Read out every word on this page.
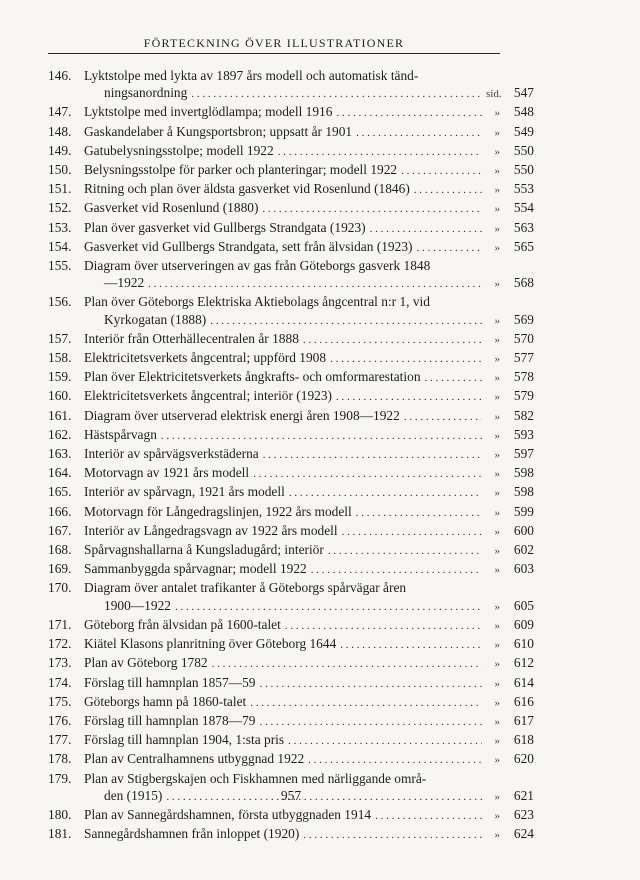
FÖRTECKNING ÖVER ILLUSTRATIONER
146. Lyktstolpe med lykta av 1897 års modell och automatisk tänd-
ningsanordning . . .	sid. 547
147. Lyktstolpe med invertglödlampa; modell 1916 . . .	»	548
148. Gaskandelaber å Kungsportsbron; uppsatt år 1901 . . .	»	549
149. Gatubelysningsstolpe; modell 1922 . . .	»	550
150. Belysningsstolpe för parker och planteringar; modell 1922 . . .	»	550
151. Ritning och plan över äldsta gasverket vid Rosenlund (1846) . . .	»	553
152. Gasverket vid Rosenlund (1880) . . .	»	554
153. Plan över gasverket vid Gullbergs Strandgata (1923) . . .	»	563
154. Gasverket vid Gullbergs Strandgata, sett från älvsidan (1923) . . .	»	565
155. Diagram över utserveringen av gas från Göteborgs gasverk 1848
—1922 . . .	»	568
156. Plan över Göteborgs Elektriska Aktiebolags ångcentral n:r 1, vid
Kyrkogatan (1888) . . .	»	569
157. Interiör från Otterhällecentralen år 1888 . . .	»	570
158. Elektricitetsverkets ångcentral; uppförd 1908 . . .	»	577
159. Plan över Elektricitetsverkets ångkrafts- och omformarestation . . .	»	578
160. Elektricitetsverkets ångcentral; interiör (1923) . . .	»	579
161. Diagram över utserverad elektrisk energi åren 1908—1922 . . .	»	582
162. Hästspårvagn . . .	»	593
163. Interiör av spårvägsverkstäderna . . .	»	597
164. Motorvagn av 1921 års modell . . .	»	598
165. Interiör av spårvagn, 1921 års modell . . .	»	598
166. Motorvagn för Långedragslinjen, 1922 års modell . . .	»	599
167. Interiör av Långedragsvagn av 1922 års modell . . .	»	600
168. Spårvagnshallarna å Kungsladugård; interiör . . .	»	602
169. Sammanbyggda spårvagnar; modell 1922 . . .	»	603
170. Diagram över antalet trafikanter å Göteborgs spårvägar åren
1900—1922 . . .	»	605
171. Göteborg från älvsidan på 1600-talet . . .	»	609
172. Kiätel Klasons planritning över Göteborg 1644 . . .	»	610
173. Plan av Göteborg 1782 . . .	»	612
174. Förslag till hamnplan 1857—59 . . .	»	614
175. Göteborgs hamn på 1860-talet . . .	»	616
176. Förslag till hamnplan 1878—79 . . .	»	617
177. Förslag till hamnplan 1904, 1:sta pris . . .	»	618
178. Plan av Centralhamnens utbyggnad 1922 . . .	»	620
179. Plan av Stigbergskajen och Fiskhamnen med närliggande områ-
den (1915) . . .	»	621
180. Plan av Sannegårdshamnen, första utbyggnaden 1914 . . .	»	623
181. Sannegårdshamnen från inloppet (1920) . . .	»	624
957
